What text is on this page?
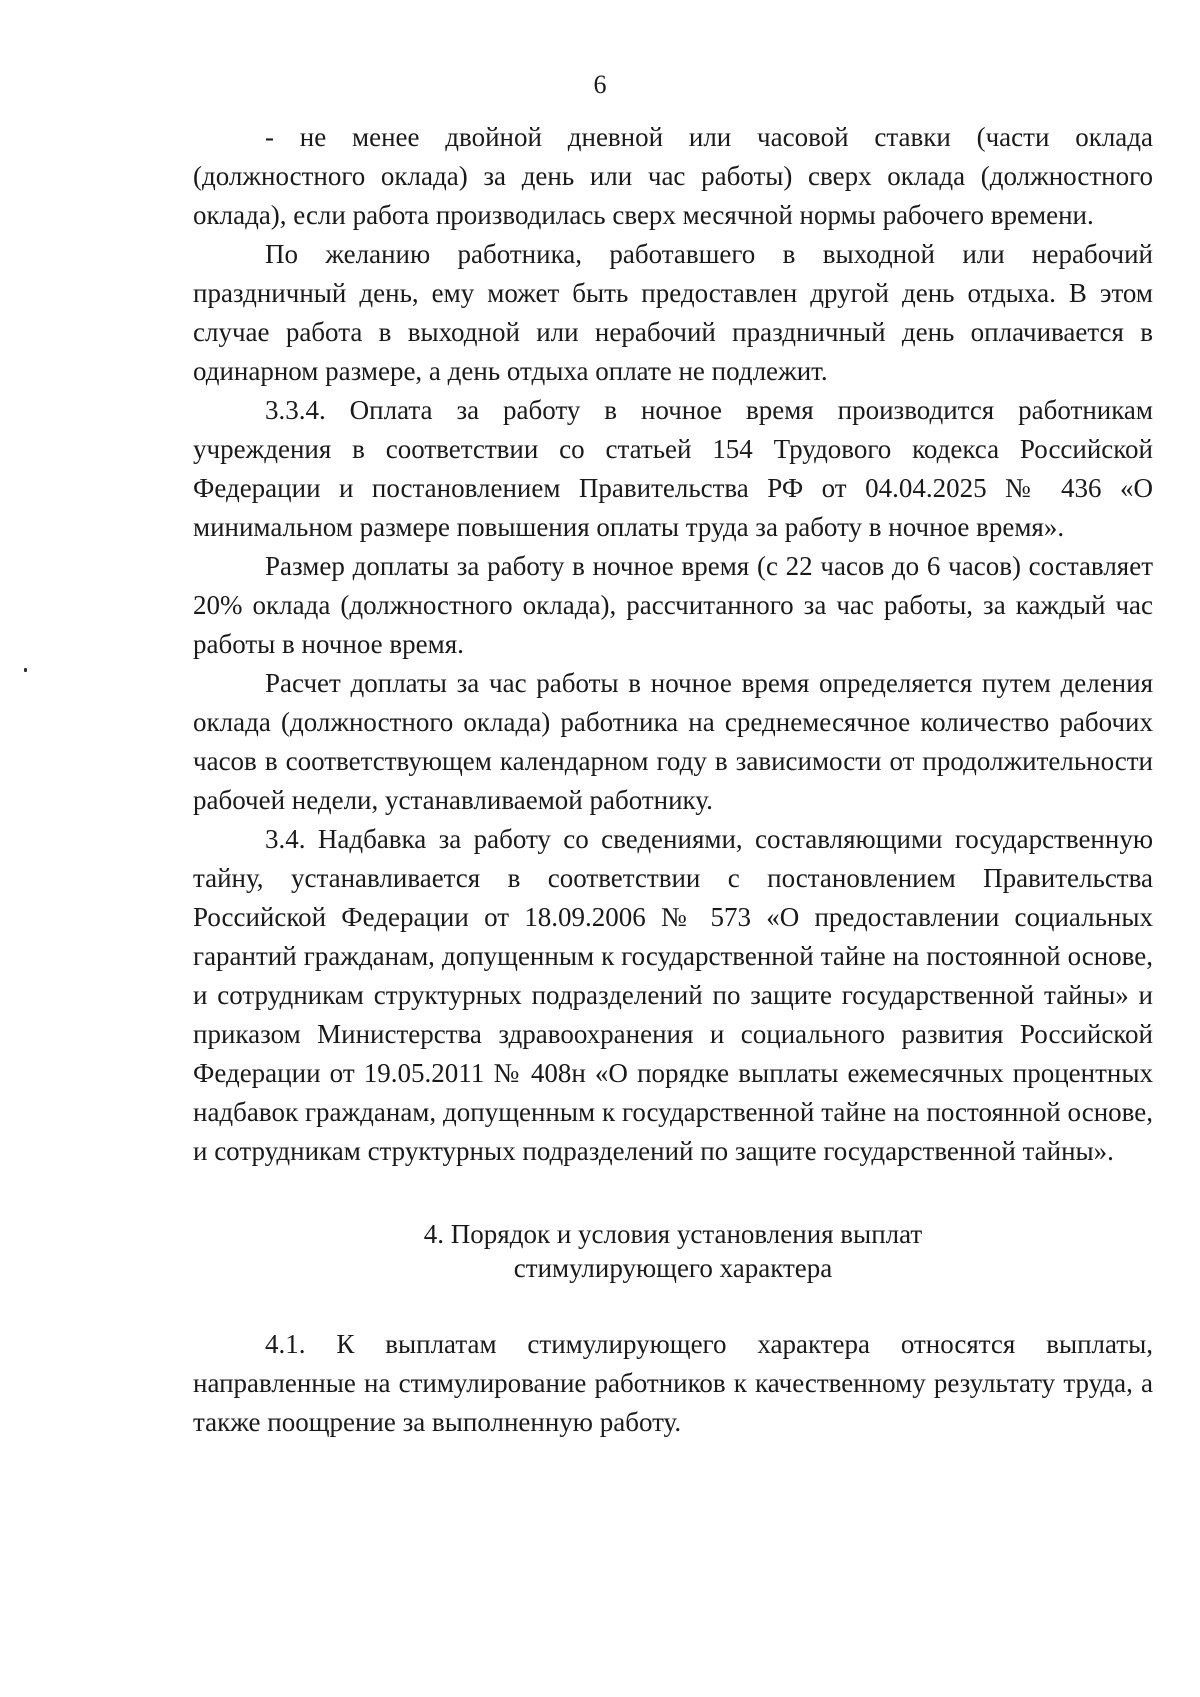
6

- не менее двойной дневной или часовой ставки (части оклада (должностного оклада) за день или час работы) сверх оклада (должностного оклада), если работа производилась сверх месячной нормы рабочего времени.

По желанию работника, работавшего в выходной или нерабочий праздничный день, ему может быть предоставлен другой день отдыха. В этом случае работа в выходной или нерабочий праздничный день оплачивается в одинарном размере, а день отдыха оплате не подлежит.

3.3.4. Оплата за работу в ночное время производится работникам учреждения в соответствии со статьей 154 Трудового кодекса Российской Федерации и постановлением Правительства РФ от 04.04.2025 № 436 «О минимальном размере повышения оплаты труда за работу в ночное время».

Размер доплаты за работу в ночное время (с 22 часов до 6 часов) составляет 20% оклада (должностного оклада), рассчитанного за час работы, за каждый час работы в ночное время.

Расчет доплаты за час работы в ночное время определяется путем деления оклада (должностного оклада) работника на среднемесячное количество рабочих часов в соответствующем календарном году в зависимости от продолжительности рабочей недели, устанавливаемой работнику.

3.4. Надбавка за работу со сведениями, составляющими государственную тайну, устанавливается в соответствии с постановлением Правительства Российской Федерации от 18.09.2006 № 573 «О предоставлении социальных гарантий гражданам, допущенным к государственной тайне на постоянной основе, и сотрудникам структурных подразделений по защите государственной тайны» и приказом Министерства здравоохранения и социального развития Российской Федерации от 19.05.2011 № 408н «О порядке выплаты ежемесячных процентных надбавок гражданам, допущенным к государственной тайне на постоянной основе, и сотрудникам структурных подразделений по защите государственной тайны».

4. Порядок и условия установления выплат
стимулирующего характера

4.1. К выплатам стимулирующего характера относятся выплаты, направленные на стимулирование работников к качественному результату труда, а также поощрение за выполненную работу.
